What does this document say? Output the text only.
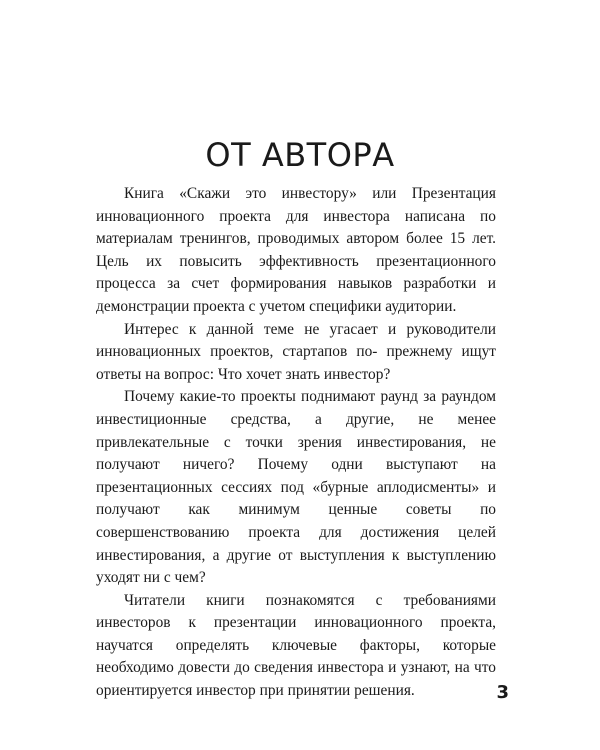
ОТ АВТОРА

Книга «Скажи это инвестору» или Презентация инновационного проекта для инвестора написана по материалам тренингов, проводимых автором более 15 лет. Цель их повысить эффективность презентационного процесса за счет формирования навыков разработки и демонстрации проекта с учетом специфики аудитории.

Интерес к данной теме не угасает и руководители инновационных проектов, стартапов по- прежнему ищут ответы на вопрос: Что хочет знать инвестор?

Почему какие-то проекты поднимают раунд за раундом инвестиционные средства, а другие, не менее привлекательные с точки зрения инвестирования, не получают ничего? Почему одни выступают на презентационных сессиях под «бурные аплодисменты» и получают как минимум ценные советы по совершенствованию проекта для достижения целей инвестирования, а другие от выступления к выступлению уходят ни с чем?

Читатели книги познакомятся с требованиями инвесторов к презентации инновационного проекта, научатся определять ключевые факторы, которые необходимо довести до сведения инвестора и узнают, на что ориентируется инвестор при принятии решения.	3
